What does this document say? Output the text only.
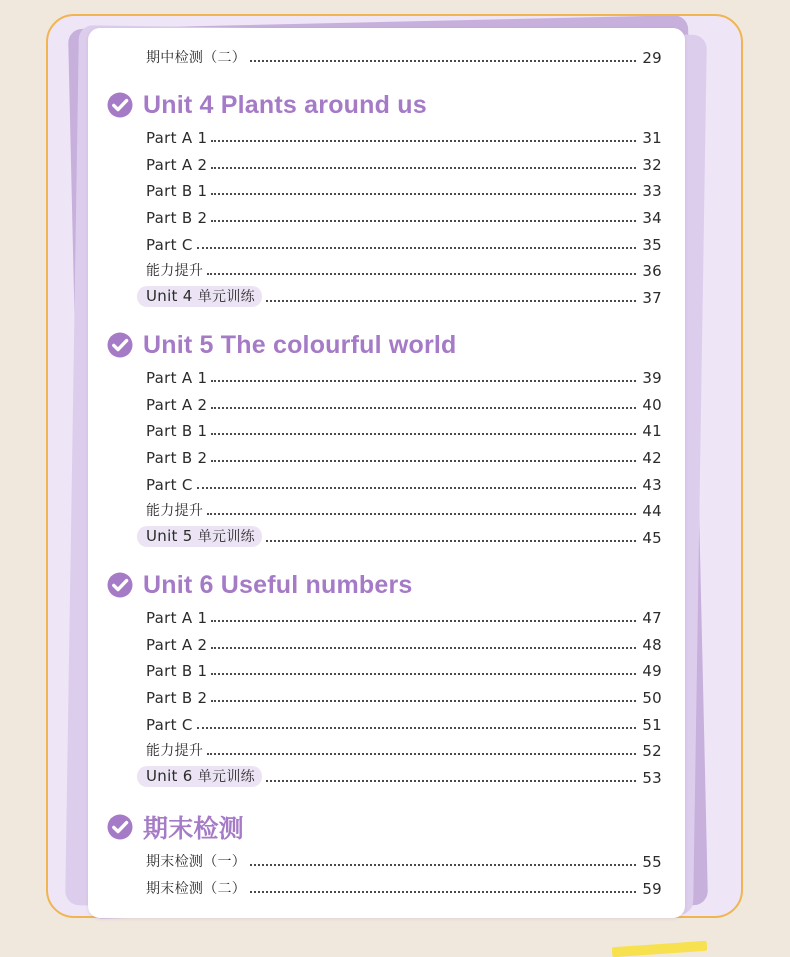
期中检测（二）	29
Unit 4 Plants around us
Part A 1	31
Part A 2	32
Part B 1	33
Part B 2	34
Part C	35
能力提升	36
Unit 4 单元训练	37
Unit 5 The colourful world
Part A 1	39
Part A 2	40
Part B 1	41
Part B 2	42
Part C	43
能力提升	44
Unit 5 单元训练	45
Unit 6 Useful numbers
Part A 1	47
Part A 2	48
Part B 1	49
Part B 2	50
Part C	51
能力提升	52
Unit 6 单元训练	53
期末检测
期末检测（一）	55
期末检测（二）	59
